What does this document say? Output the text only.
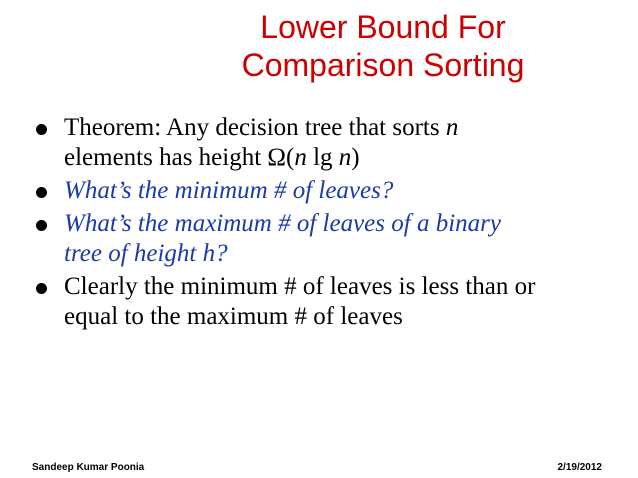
Lower Bound For
Comparison Sorting
Theorem: Any decision tree that sorts n
elements has height Ω(n lg n)
What’s the minimum # of leaves?
What’s the maximum # of leaves of a binary
tree of height h?
Clearly the minimum # of leaves is less than or
equal to the maximum # of leaves
Sandeep Kumar Poonia	2/19/2012
